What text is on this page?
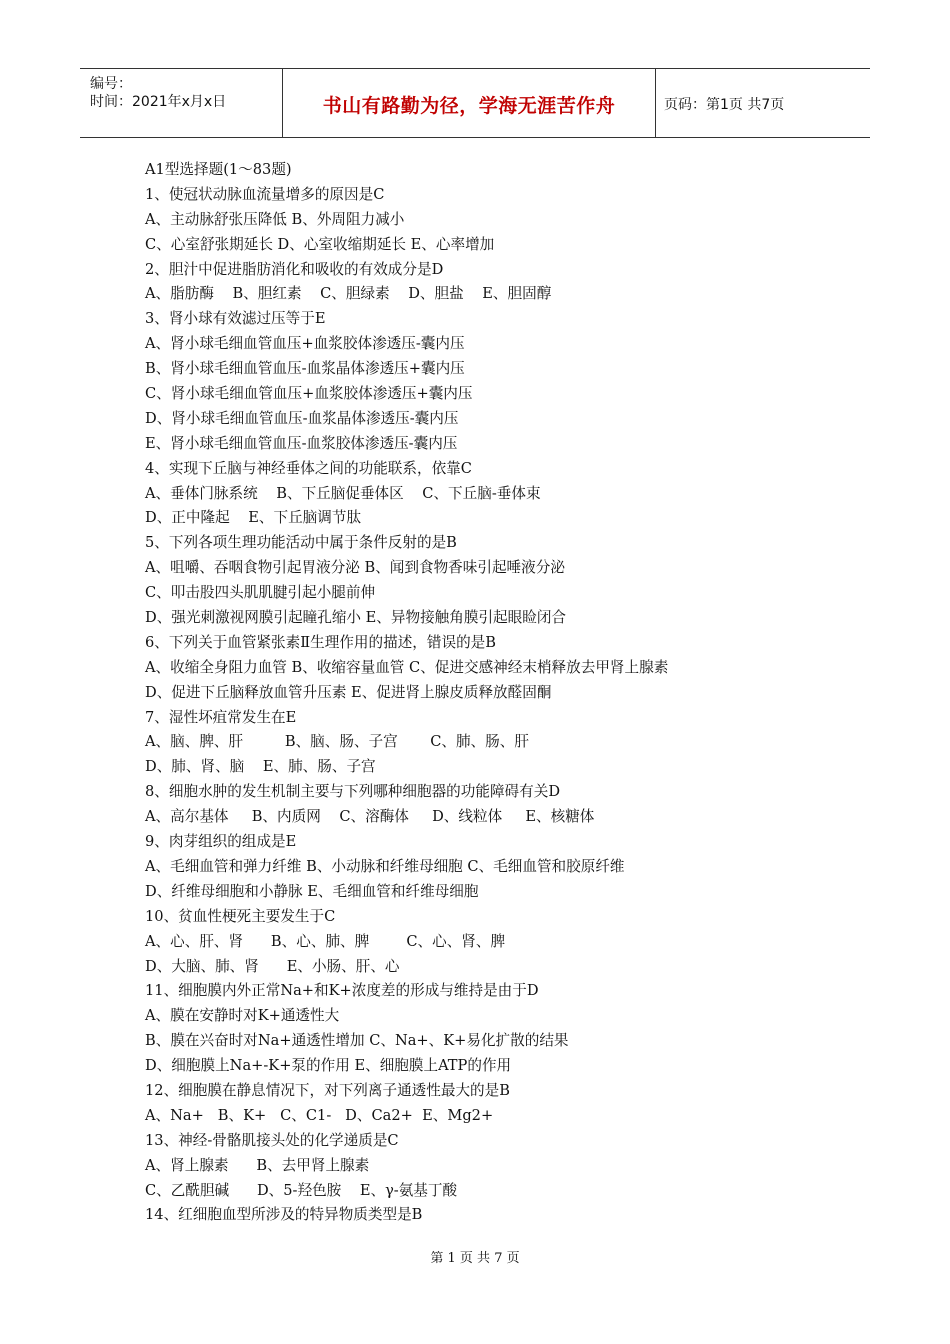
编号：
时间：2021年x月x日	书山有路勤为径，学海无涯苦作舟	页码：第1页 共7页
A1型选择题(1～83题)
1、使冠状动脉血流量增多的原因是C
A、主动脉舒张压降低 B、外周阻力减小
C、心室舒张期延长 D、心室收缩期延长 E、心率增加
2、胆汁中促进脂肪消化和吸收的有效成分是D
A、脂肪酶    B、胆红素    C、胆绿素    D、胆盐    E、胆固醇
3、肾小球有效滤过压等于E
A、肾小球毛细血管血压+血浆胶体渗透压-囊内压
B、肾小球毛细血管血压-血浆晶体渗透压+囊内压
C、肾小球毛细血管血压+血浆胶体渗透压+囊内压
D、肾小球毛细血管血压-血浆晶体渗透压-囊内压
E、肾小球毛细血管血压-血浆胶体渗透压-囊内压
4、实现下丘脑与神经垂体之间的功能联系，依靠C
A、垂体门脉系统    B、下丘脑促垂体区    C、下丘脑-垂体束
D、正中隆起    E、下丘脑调节肽
5、下列各项生理功能活动中属于条件反射的是B
A、咀嚼、吞咽食物引起胃液分泌 B、闻到食物香味引起唾液分泌
C、叩击股四头肌肌腱引起小腿前伸
D、强光刺激视网膜引起瞳孔缩小 E、异物接触角膜引起眼睑闭合
6、下列关于血管紧张素Ⅱ生理作用的描述，错误的是B
A、收缩全身阻力血管 B、收缩容量血管 C、促进交感神经末梢释放去甲肾上腺素
D、促进下丘脑释放血管升压素 E、促进肾上腺皮质释放醛固酮
7、湿性坏疽常发生在E
A、脑、脾、肝         B、脑、肠、子宫       C、肺、肠、肝
D、肺、肾、脑    E、肺、肠、子宫
8、细胞水肿的发生机制主要与下列哪种细胞器的功能障碍有关D
A、高尔基体     B、内质网    C、溶酶体     D、线粒体     E、核糖体
9、肉芽组织的组成是E
A、毛细血管和弹力纤维 B、小动脉和纤维母细胞 C、毛细血管和胶原纤维
D、纤维母细胞和小静脉 E、毛细血管和纤维母细胞
10、贫血性梗死主要发生于C
A、心、肝、肾      B、心、肺、脾        C、心、肾、脾
D、大脑、肺、肾      E、小肠、肝、心
11、细胞膜内外正常Na+和K+浓度差的形成与维持是由于D
A、膜在安静时对K+通透性大
B、膜在兴奋时对Na+通透性增加 C、Na+、K+易化扩散的结果
D、细胞膜上Na+-K+泵的作用 E、细胞膜上ATP的作用
12、细胞膜在静息情况下，对下列离子通透性最大的是B
A、Na+   B、K+   C、C1-   D、Ca2+  E、Mg2+
13、神经-骨骼肌接头处的化学递质是C
A、肾上腺素      B、去甲肾上腺素
C、乙酰胆碱      D、5-羟色胺    E、γ-氨基丁酸
14、红细胞血型所涉及的特异物质类型是B
第 1 页 共 7 页
